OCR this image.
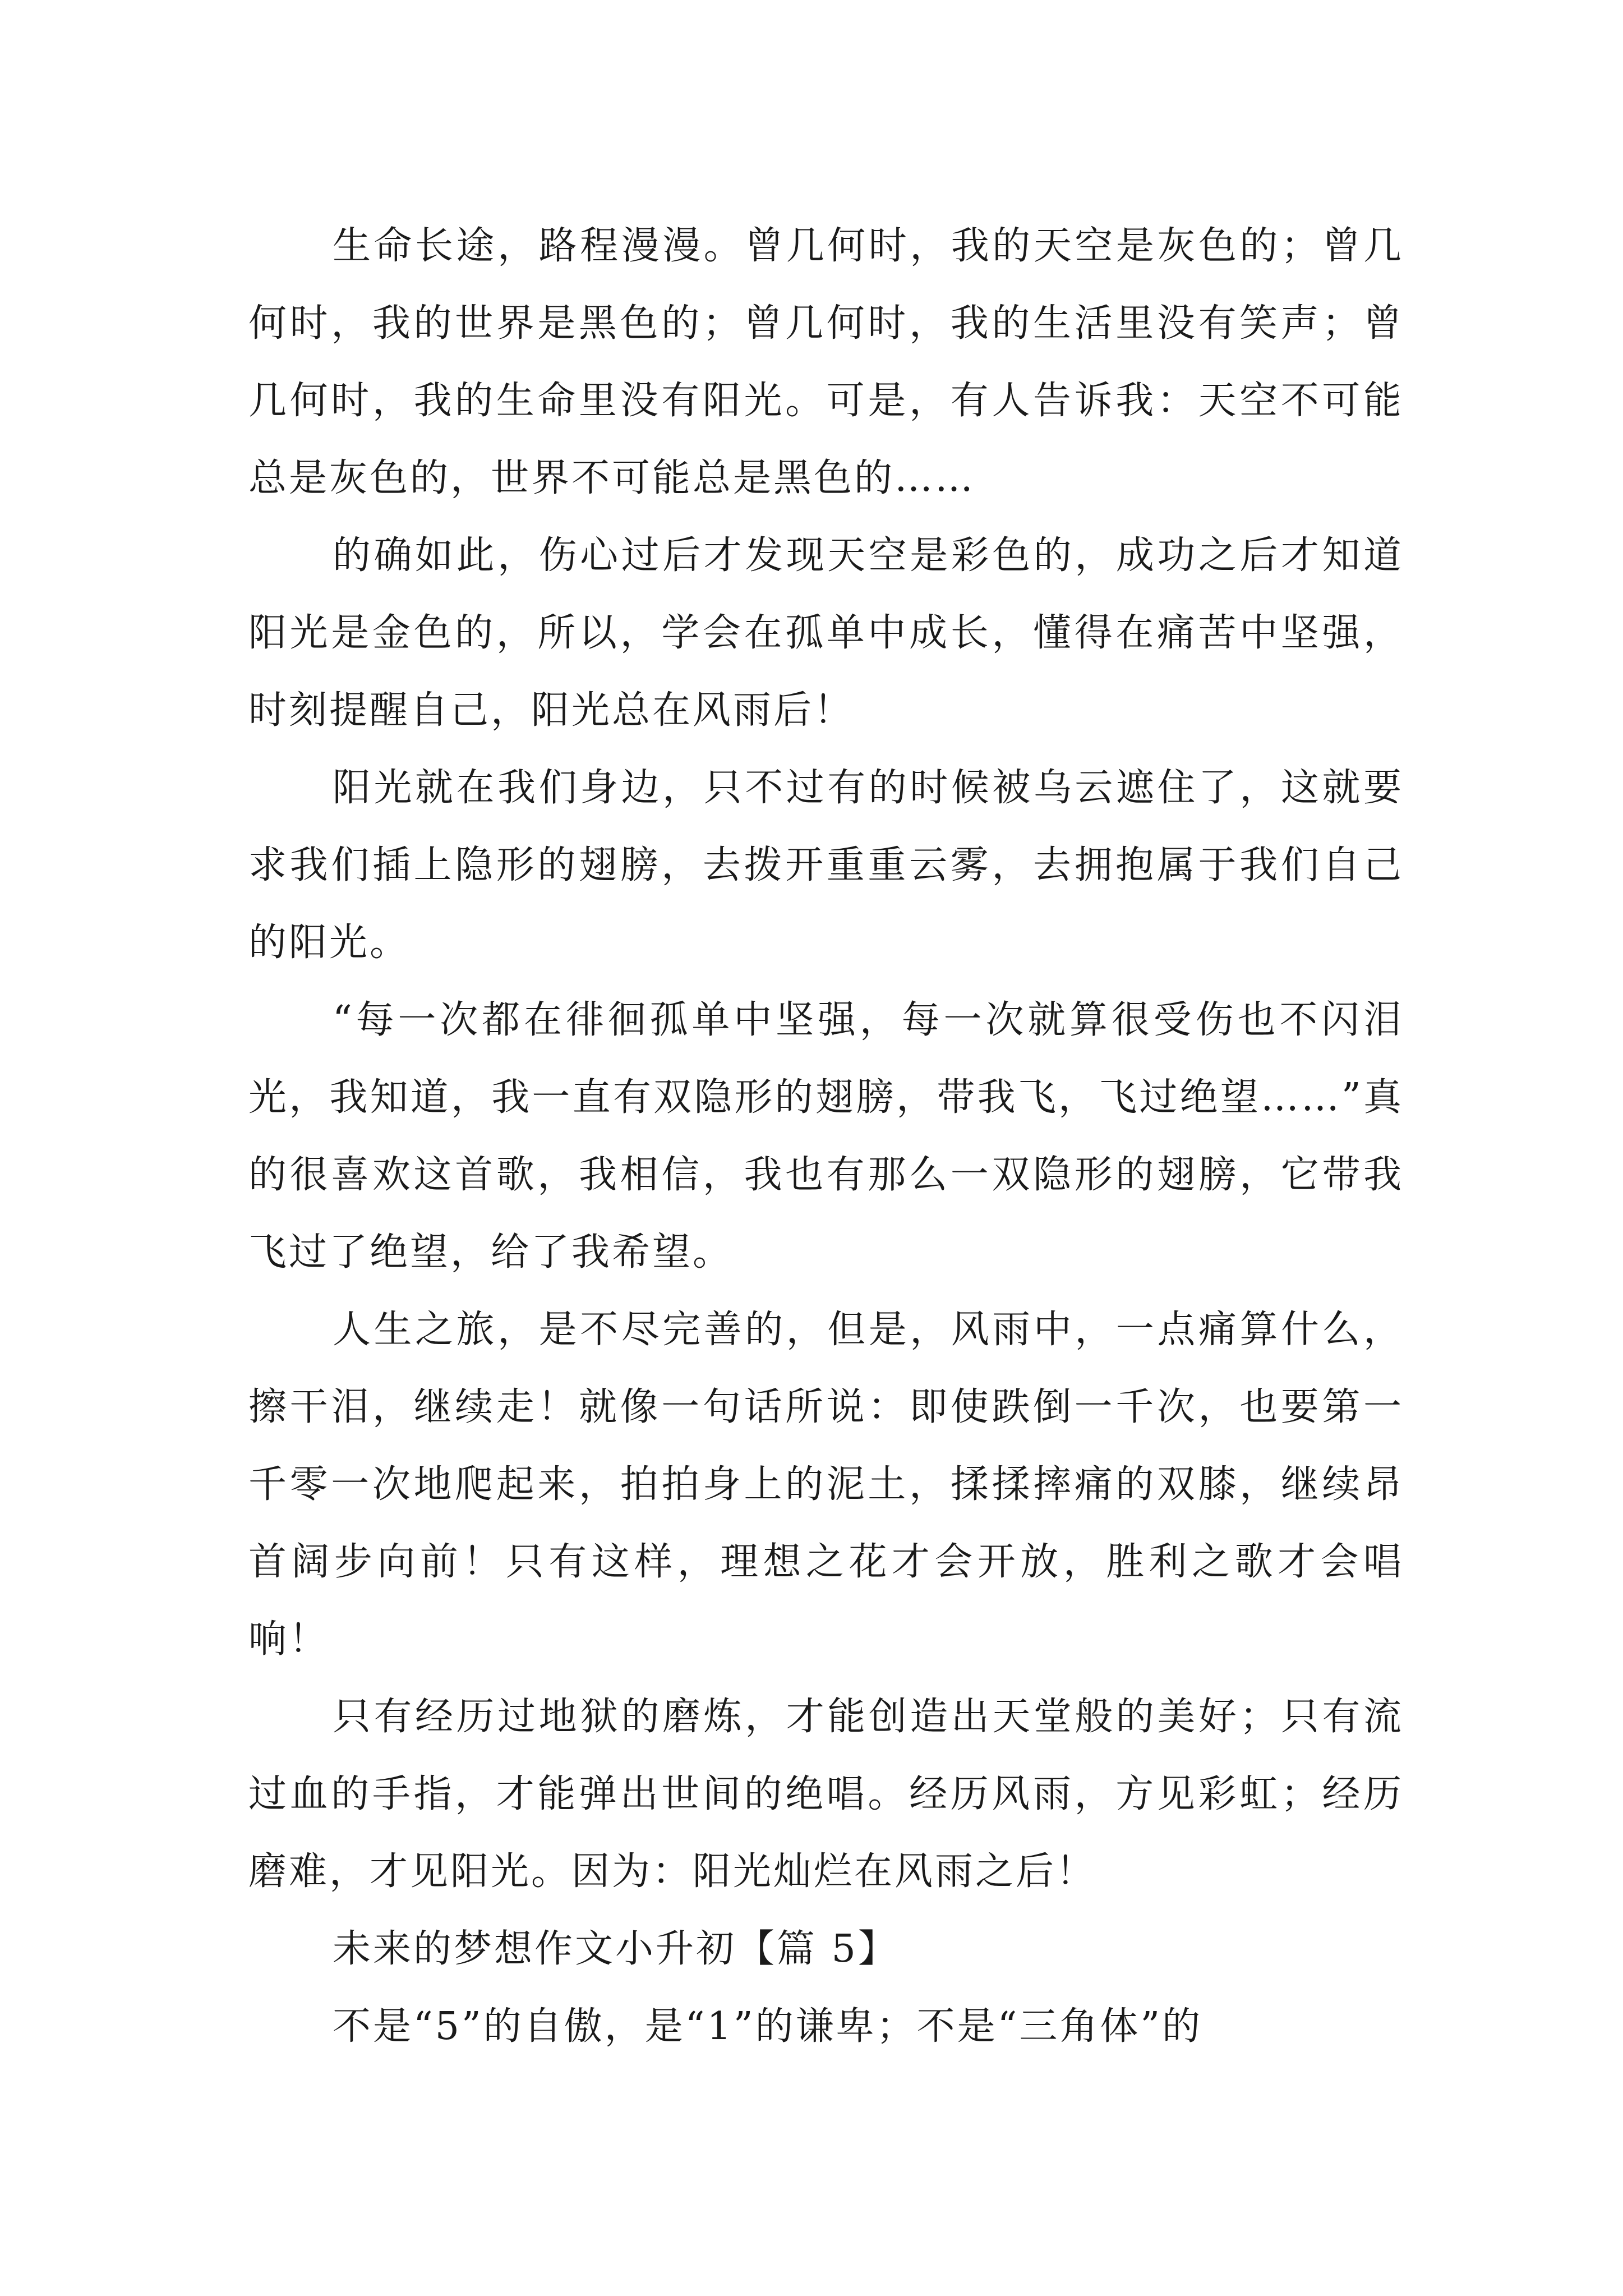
生命长途，路程漫漫。曾几何时，我的天空是灰色的；曾几何时，我的世界是黑色的；曾几何时，我的生活里没有笑声；曾几何时，我的生命里没有阳光。可是，有人告诉我：天空不可能总是灰色的，世界不可能总是黑色的……

的确如此，伤心过后才发现天空是彩色的，成功之后才知道阳光是金色的，所以，学会在孤单中成长，懂得在痛苦中坚强，时刻提醒自己，阳光总在风雨后！

阳光就在我们身边，只不过有的时候被乌云遮住了，这就要求我们插上隐形的翅膀，去拨开重重云雾，去拥抱属于我们自己的阳光。

“每一次都在徘徊孤单中坚强，每一次就算很受伤也不闪泪光，我知道，我一直有双隐形的翅膀，带我飞，飞过绝望……”真的很喜欢这首歌，我相信，我也有那么一双隐形的翅膀，它带我飞过了绝望，给了我希望。

人生之旅，是不尽完善的，但是，风雨中，一点痛算什么，擦干泪，继续走！就像一句话所说：即使跌倒一千次，也要第一千零一次地爬起来，拍拍身上的泥土，揉揉摔痛的双膝，继续昂首阔步向前！只有这样，理想之花才会开放，胜利之歌才会唱响！

只有经历过地狱的磨炼，才能创造出天堂般的美好；只有流过血的手指，才能弹出世间的绝唱。经历风雨，方见彩虹；经历磨难，才见阳光。因为：阳光灿烂在风雨之后！

未来的梦想作文小升初【篇 5】

不是“5”的自傲，是“1”的谦卑；不是“三角体”的
